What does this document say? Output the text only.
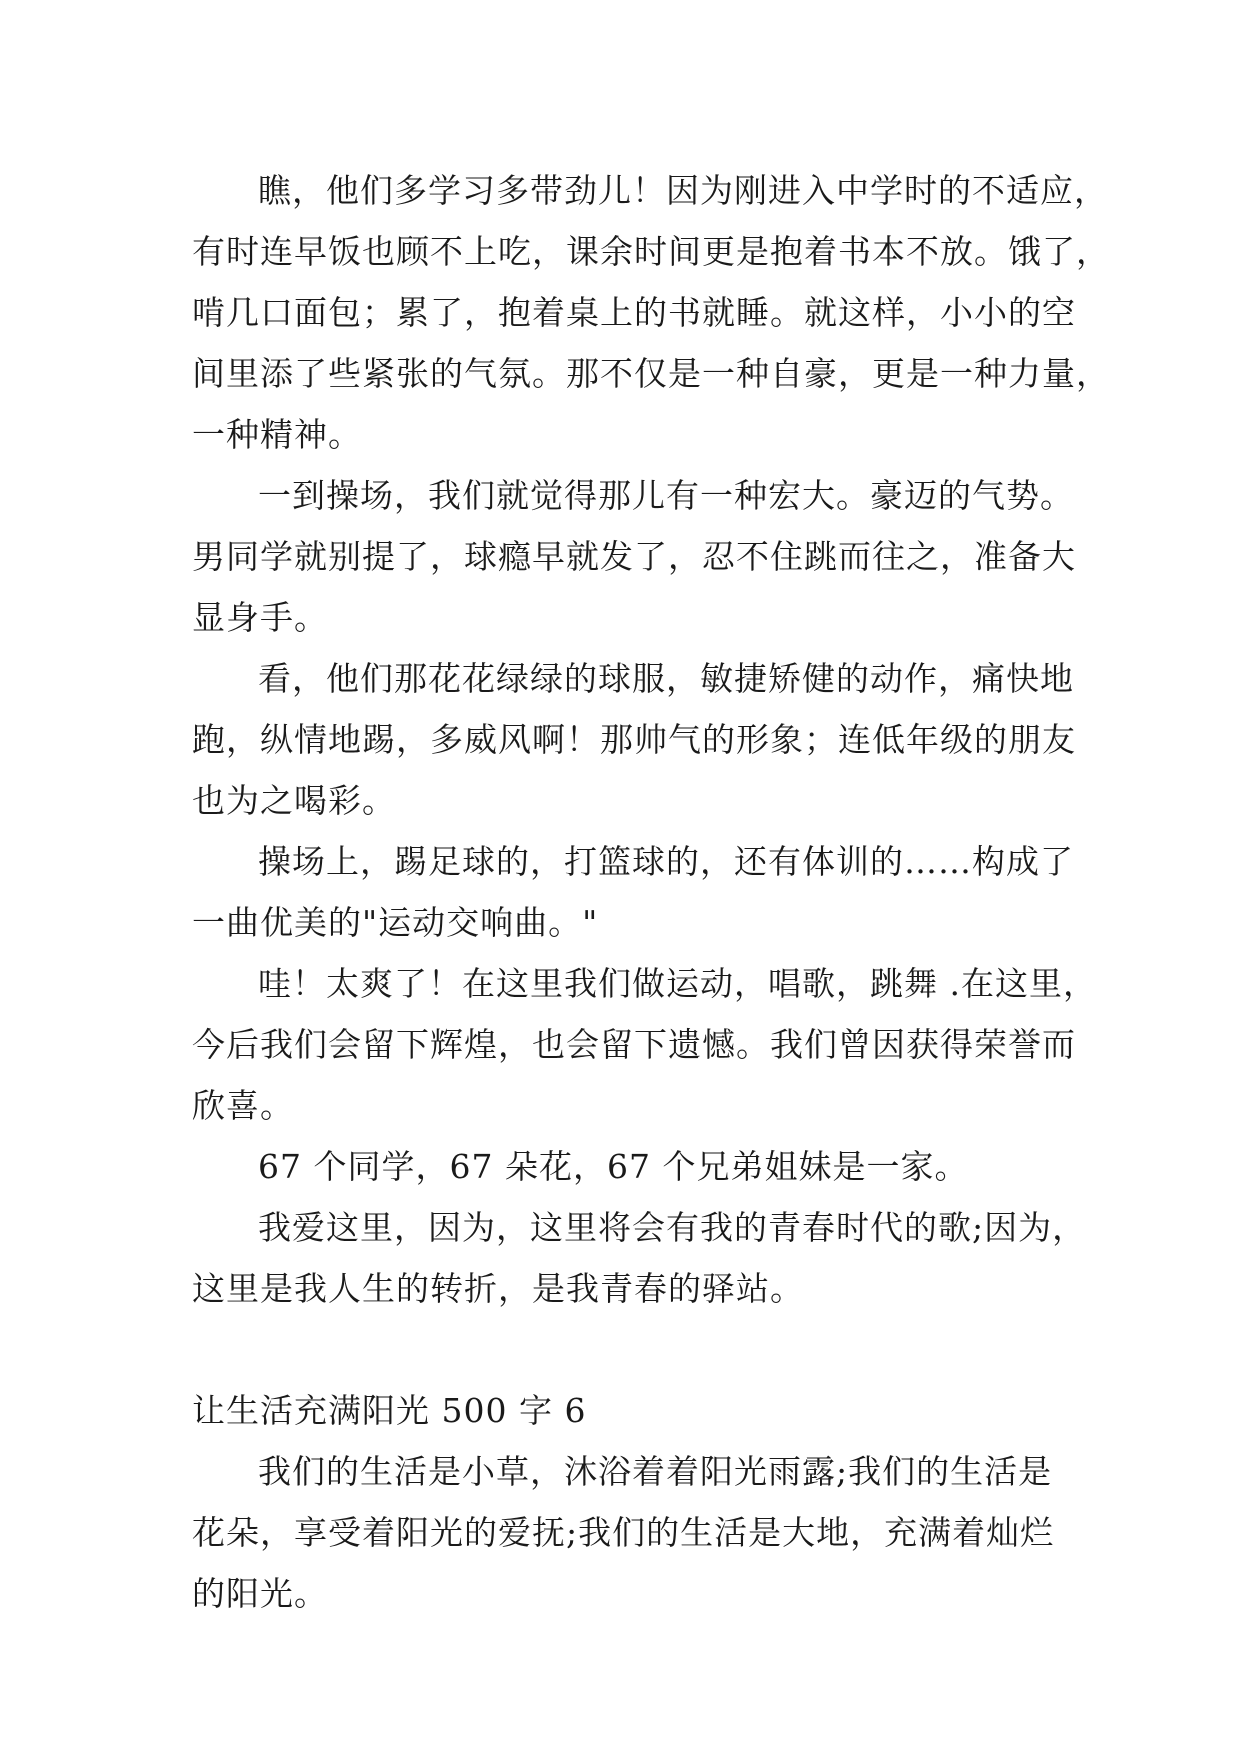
瞧，他们多学习多带劲儿！因为刚进入中学时的不适应，
有时连早饭也顾不上吃，课余时间更是抱着书本不放。饿了，
啃几口面包；累了，抱着桌上的书就睡。就这样，小小的空
间里添了些紧张的气氛。那不仅是一种自豪，更是一种力量，
一种精神。
一到操场，我们就觉得那儿有一种宏大。豪迈的气势。
男同学就别提了，球瘾早就发了，忍不住跳而往之，准备大
显身手。
看，他们那花花绿绿的球服，敏捷矫健的动作，痛快地
跑，纵情地踢，多威风啊！那帅气的形象；连低年级的朋友
也为之喝彩。
操场上，踢足球的，打篮球的，还有体训的……构成了
一曲优美的"运动交响曲。"
哇！太爽了！在这里我们做运动，唱歌，跳舞 .在这里，
今后我们会留下辉煌，也会留下遗憾。我们曾因获得荣誉而
欣喜。
67 个同学，67 朵花，67 个兄弟姐妹是一家。
我爱这里，因为，这里将会有我的青春时代的歌;因为，
这里是我人生的转折，是我青春的驿站。
让生活充满阳光 500 字 6
我们的生活是小草，沐浴着着阳光雨露;我们的生活是
花朵，享受着阳光的爱抚;我们的生活是大地，充满着灿烂
的阳光。
